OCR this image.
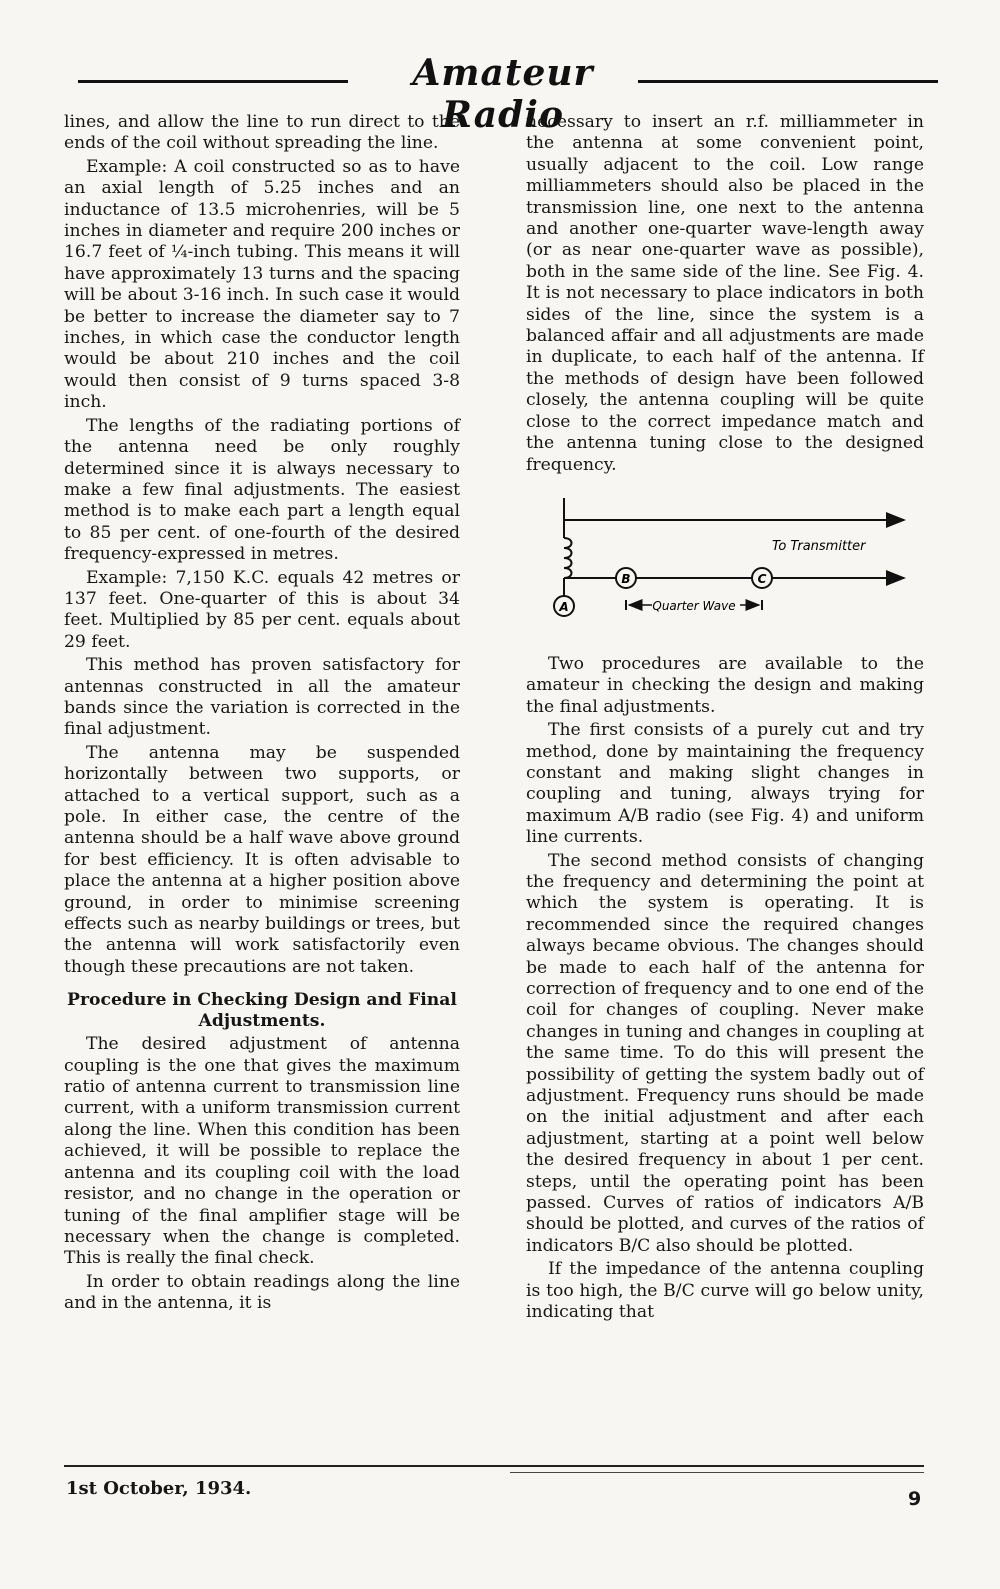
Amateur Radio

lines, and allow the line to run direct to the ends of the coil without spreading the line.

Example: A coil constructed so as to have an axial length of 5.25 inches and an inductance of 13.5 microhenries, will be 5 inches in diameter and require 200 inches or 16.7 feet of ¼-inch tubing. This means it will have approximately 13 turns and the spacing will be about 3-16 inch. In such case it would be better to increase the diameter say to 7 inches, in which case the conductor length would be about 210 inches and the coil would then consist of 9 turns spaced 3-8 inch.

The lengths of the radiating portions of the antenna need be only roughly determined since it is always necessary to make a few final adjustments. The easiest method is to make each part a length equal to 85 per cent. of one-fourth of the desired frequency-expressed in metres.

Example: 7,150 K.C. equals 42 metres or 137 feet. One-quarter of this is about 34 feet. Multiplied by 85 per cent. equals about 29 feet.

This method has proven satisfactory for antennas constructed in all the amateur bands since the variation is corrected in the final adjustment.

The antenna may be suspended horizontally between two supports, or attached to a vertical support, such as a pole. In either case, the centre of the antenna should be a half wave above ground for best efficiency. It is often advisable to place the antenna at a higher position above ground, in order to minimise screening effects such as nearby buildings or trees, but the antenna will work satisfactorily even though these precautions are not taken.

Procedure in Checking Design and Final Adjustments.

The desired adjustment of antenna coupling is the one that gives the maximum ratio of antenna current to transmission line current, with a uniform transmission current along the line. When this condition has been achieved, it will be possible to replace the antenna and its coupling coil with the load resistor, and no change in the operation or tuning of the final amplifier stage will be necessary when the change is completed. This is really the final check.

In order to obtain readings along the line and in the antenna, it is

necessary to insert an r.f. milliammeter in the antenna at some convenient point, usually adjacent to the coil. Low range milliammeters should also be placed in the transmission line, one next to the antenna and another one-quarter wave-length away (or as near one-quarter wave as possible), both in the same side of the line. See Fig. 4. It is not necessary to place indicators in both sides of the line, since the system is a balanced affair and all adjustments are made in duplicate, to each half of the antenna. If the methods of design have been followed closely, the antenna coupling will be quite close to the correct impedance match and the antenna tuning close to the designed frequency.

A
B	C
To Transmitter
Quarter Wave

Two procedures are available to the amateur in checking the design and making the final adjustments.

The first consists of a purely cut and try method, done by maintaining the frequency constant and making slight changes in coupling and tuning, always trying for maximum A/B radio (see Fig. 4) and uniform line currents.

The second method consists of changing the frequency and determining the point at which the system is operating. It is recommended since the required changes always became obvious. The changes should be made to each half of the antenna for correction of frequency and to one end of the coil for changes of coupling. Never make changes in tuning and changes in coupling at the same time. To do this will present the possibility of getting the system badly out of adjustment. Frequency runs should be made on the initial adjustment and after each adjustment, starting at a point well below the desired frequency in about 1 per cent. steps, until the operating point has been passed. Curves of ratios of indicators A/B should be plotted, and curves of the ratios of indicators B/C also should be plotted.

If the impedance of the antenna coupling is too high, the B/C curve will go below unity, indicating that

1st October, 1934.	9
